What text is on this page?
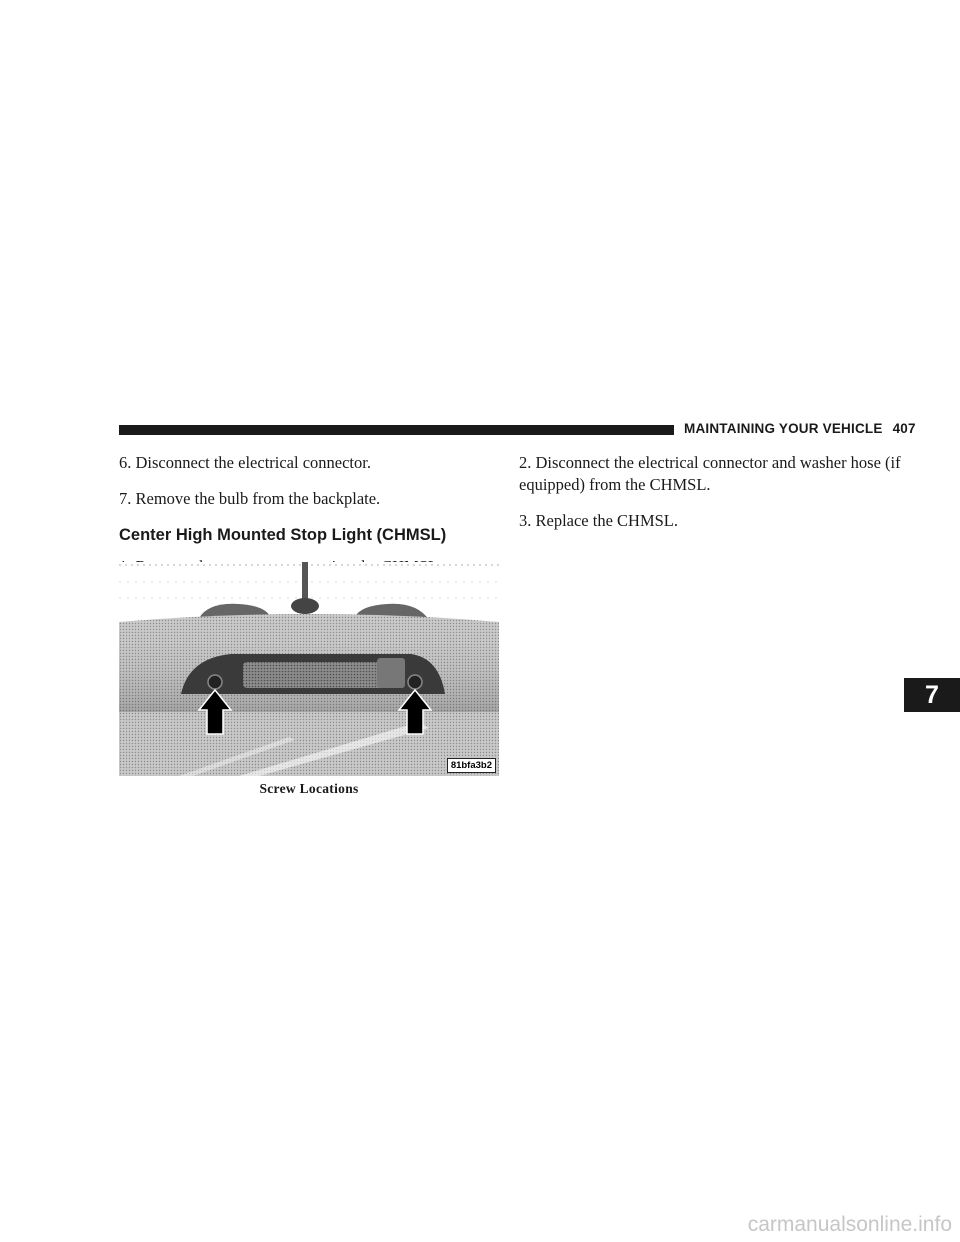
MAINTAINING YOUR VEHICLE 407

6. Disconnect the electrical connector.

7. Remove the bulb from the backplate.

Center High Mounted Stop Light (CHMSL)

81bfa3b2
Screw Locations

2. Disconnect the electrical connector and washer hose (if equipped) from the CHMSL.

3. Replace the CHMSL.

7
carmanualsonline.info
